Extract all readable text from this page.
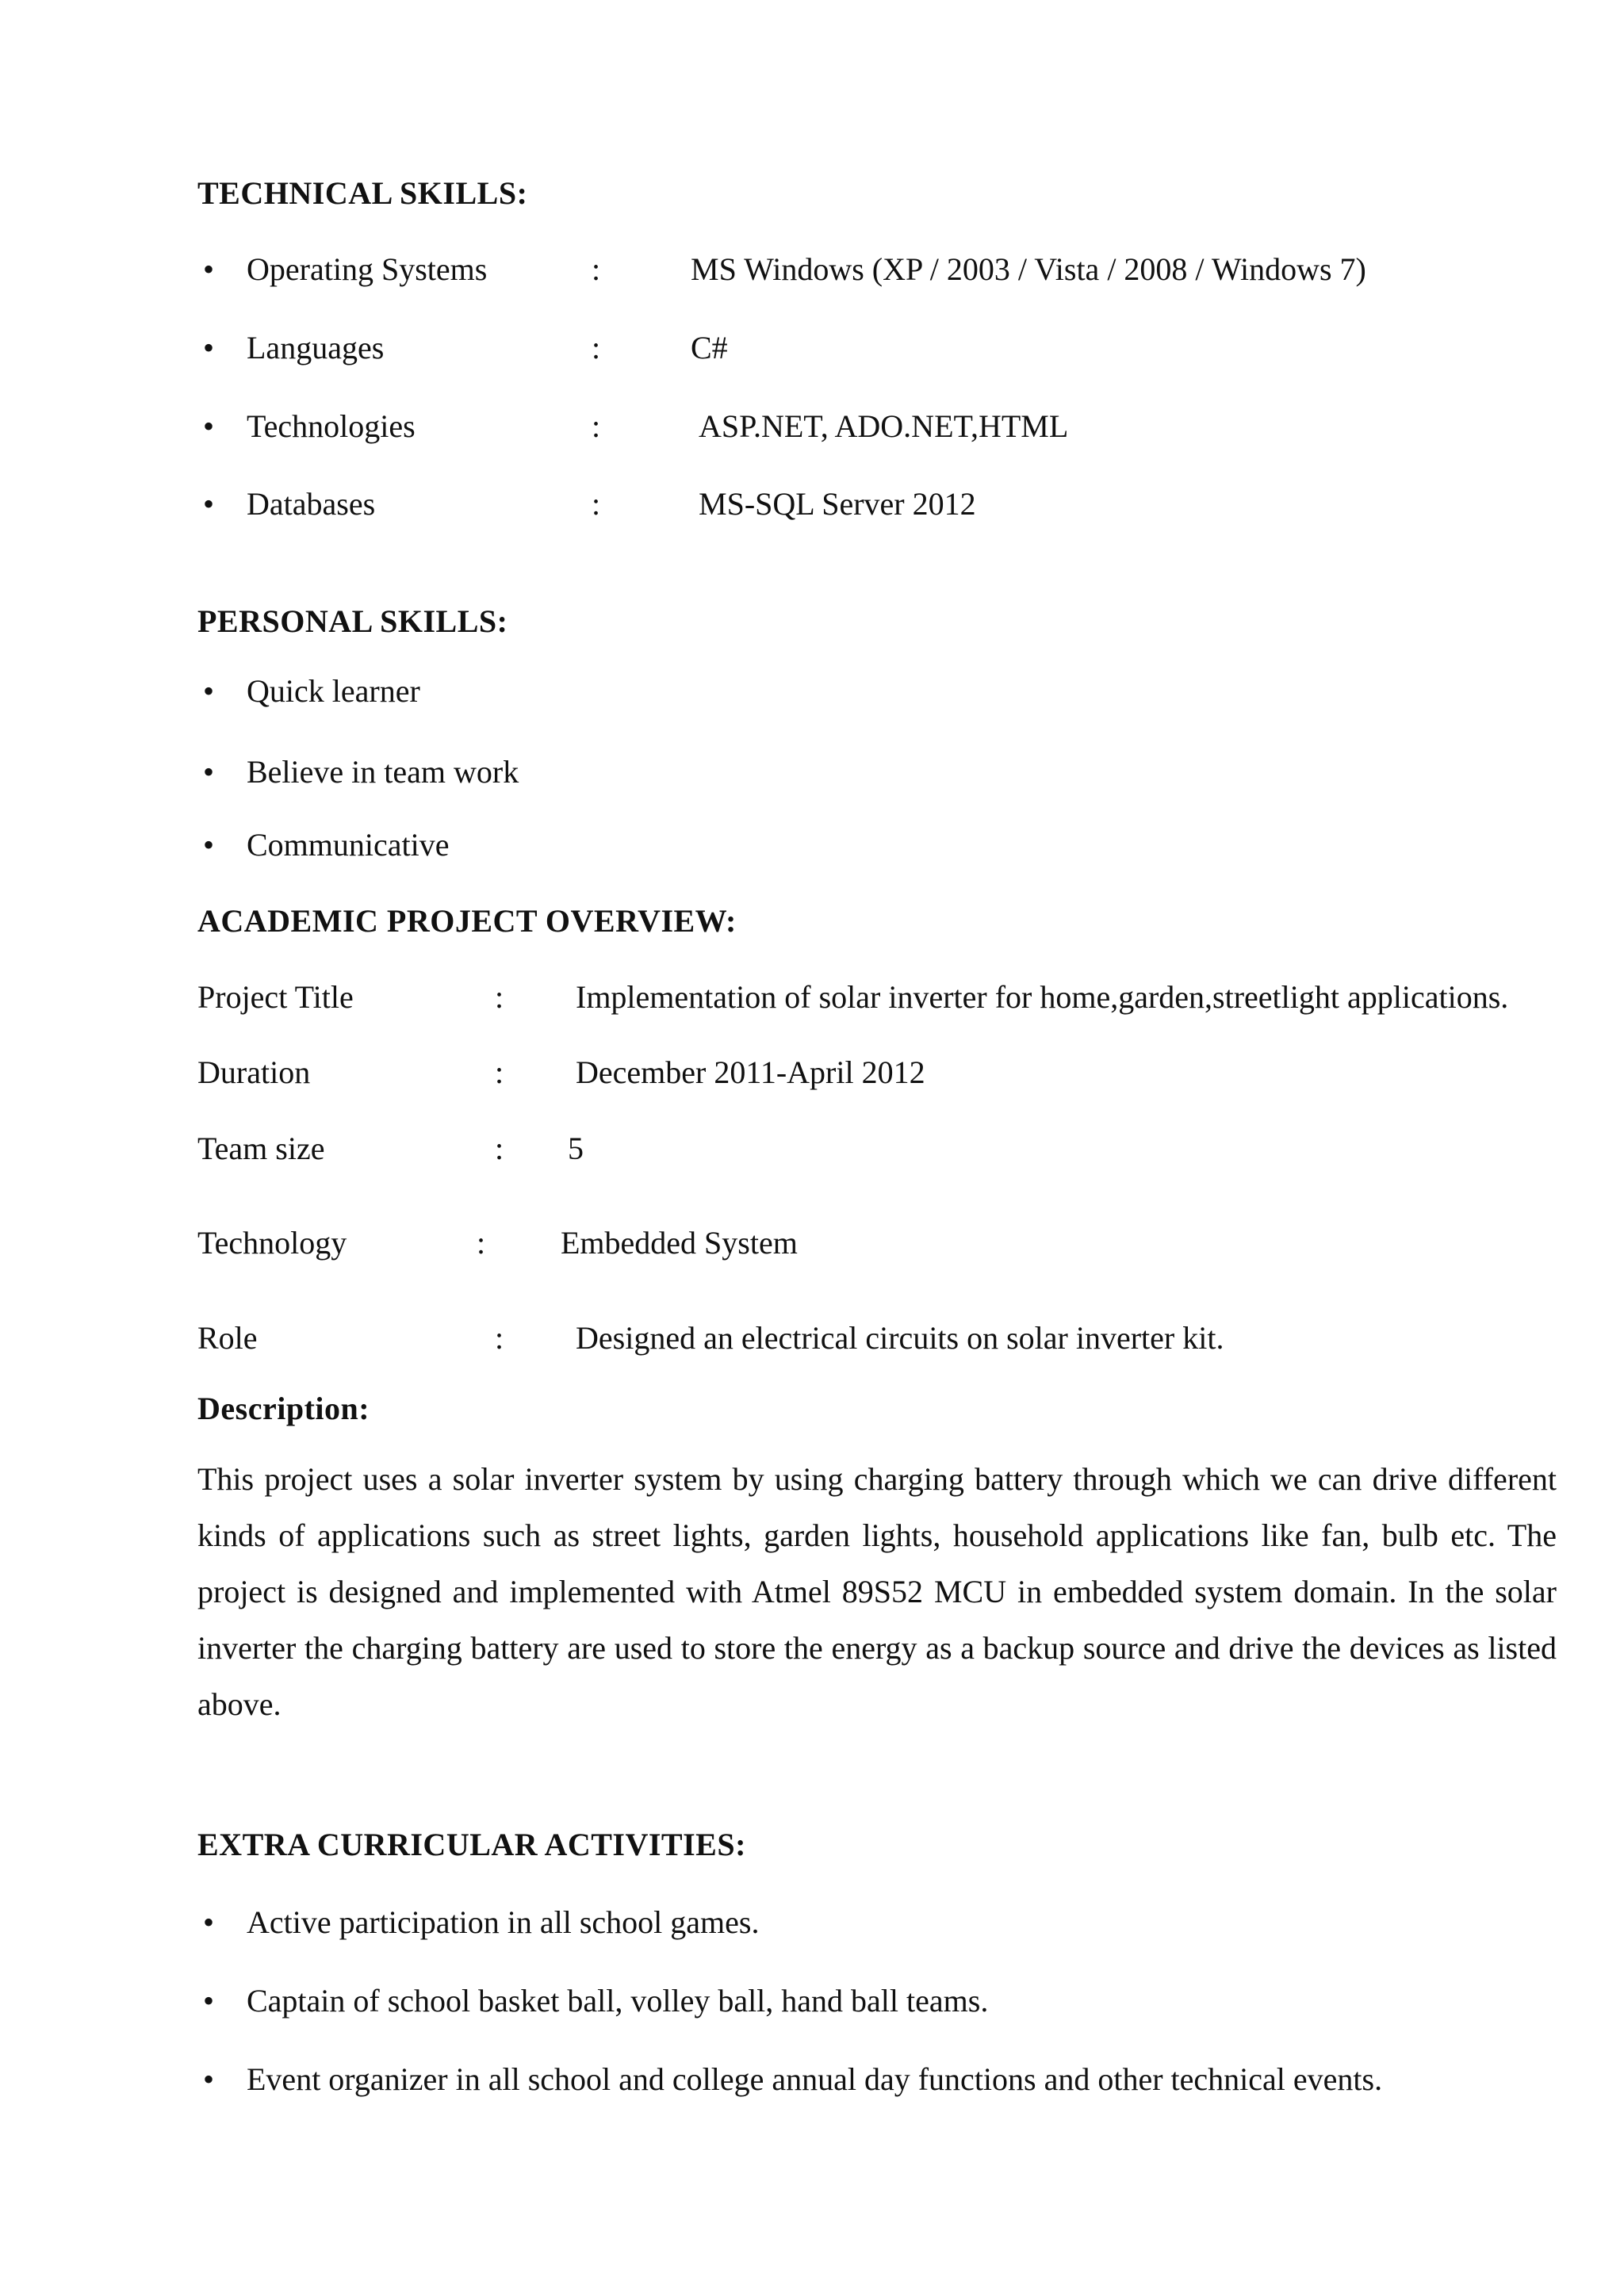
TECHNICAL SKILLS:
• Operating Systems	:	MS Windows (XP / 2003 / Vista / 2008 / Windows 7)
• Languages	:	C#
• Technologies	:	ASP.NET, ADO.NET,HTML
• Databases	:	MS-SQL Server 2012
PERSONAL SKILLS:
• Quick learner
• Believe in team work
• Communicative
ACADEMIC PROJECT OVERVIEW:
Project Title	: Implementation of solar inverter for home,garden,streetlight applications.
Duration	: December 2011-April 2012
Team size	: 5
Technology	: Embedded System
Role	: Designed an electrical circuits on solar inverter kit.
Description:
This project uses a solar inverter system by using charging battery through which we can drive different kinds of applications such as street lights, garden lights, household applications like fan, bulb etc. The project is designed and implemented with Atmel 89S52 MCU in embedded system domain. In the solar inverter the charging battery are used to store the energy as a backup source and drive the devices as listed above.
EXTRA CURRICULAR ACTIVITIES:
• Active participation in all school games.
• Captain of school basket ball, volley ball, hand ball teams.
• Event organizer in all school and college annual day functions and other technical events.
